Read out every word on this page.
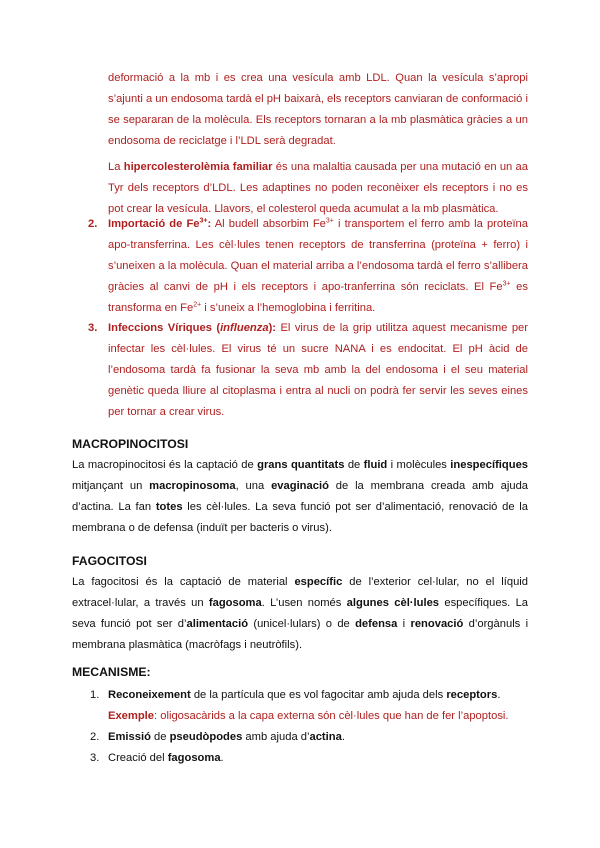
deformació a la mb i es crea una vesícula amb LDL. Quan la vesícula s’apropi s’ajunti a un endosoma tardà el pH baixarà, els receptors canviaran de conformació i se separaran de la molècula. Els receptors tornaran a la mb plasmàtica gràcies a un endosoma de reciclatge i l’LDL serà degradat.

La hipercolesterolèmia familiar és una malaltia causada per una mutació en un aa Tyr dels receptors d’LDL. Les adaptines no poden reconèixer els receptors i no es pot crear la vesícula. Llavors, el colesterol queda acumulat a la mb plasmàtica.

2. Importació de $Fe^{3+}$: Al budell absorbim $Fe^{3+}$ i transportem el ferro amb la proteïna apo-transferrina. Les cèl·lules tenen receptors de transferrina (proteïna + ferro) i s’uneixen a la molècula. Quan el material arriba a l’endosoma tardà el ferro s’allibera gràcies al canvi de pH i els receptors i apo-tranferrina són reciclats. El $Fe^{3+}$ es transforma en $Fe^{2+}$ i s’uneix a l’hemoglobina i ferritina.

3. Infeccions Víriques (influenza): El virus de la grip utilitza aquest mecanisme per infectar les cèl·lules. El virus té un sucre NANA i es endocitat. El pH àcid de l’endosoma tardà fa fusionar la seva mb amb la del endosoma i el seu material genètic queda lliure al citoplasma i entra al nucli on podrà fer servir les seves eines per tornar a crear virus.

MACROPINOCITOSI

La macropinocitosi és la captació de grans quantitats de fluid i molècules inespecífiques mitjançant un macropinosoma, una evaginació de la membrana creada amb ajuda d’actina. La fan totes les cèl·lules. La seva funció pot ser d’alimentació, renovació de la membrana o de defensa (induït per bacteris o virus).

FAGOCITOSI

La fagocitosi és la captació de material específic de l’exterior cel·lular, no el líquid extracel·lular, a través un fagosoma. L’usen només algunes cèl·lules específiques. La seva funció pot ser d’alimentació (unicel·lulars) o de defensa i renovació d’orgànuls i membrana plasmàtica (macròfags i neutròfils).

MECANISME:
1. Reconeixement de la partícula que es vol fagocitar amb ajuda dels receptors.

Exemple: oligosacàrids a la capa externa són cèl·lules que han de fer l’apoptosi.

2. Emissió de pseudòpodes amb ajuda d’actina.

3. Creació del fagosoma.
